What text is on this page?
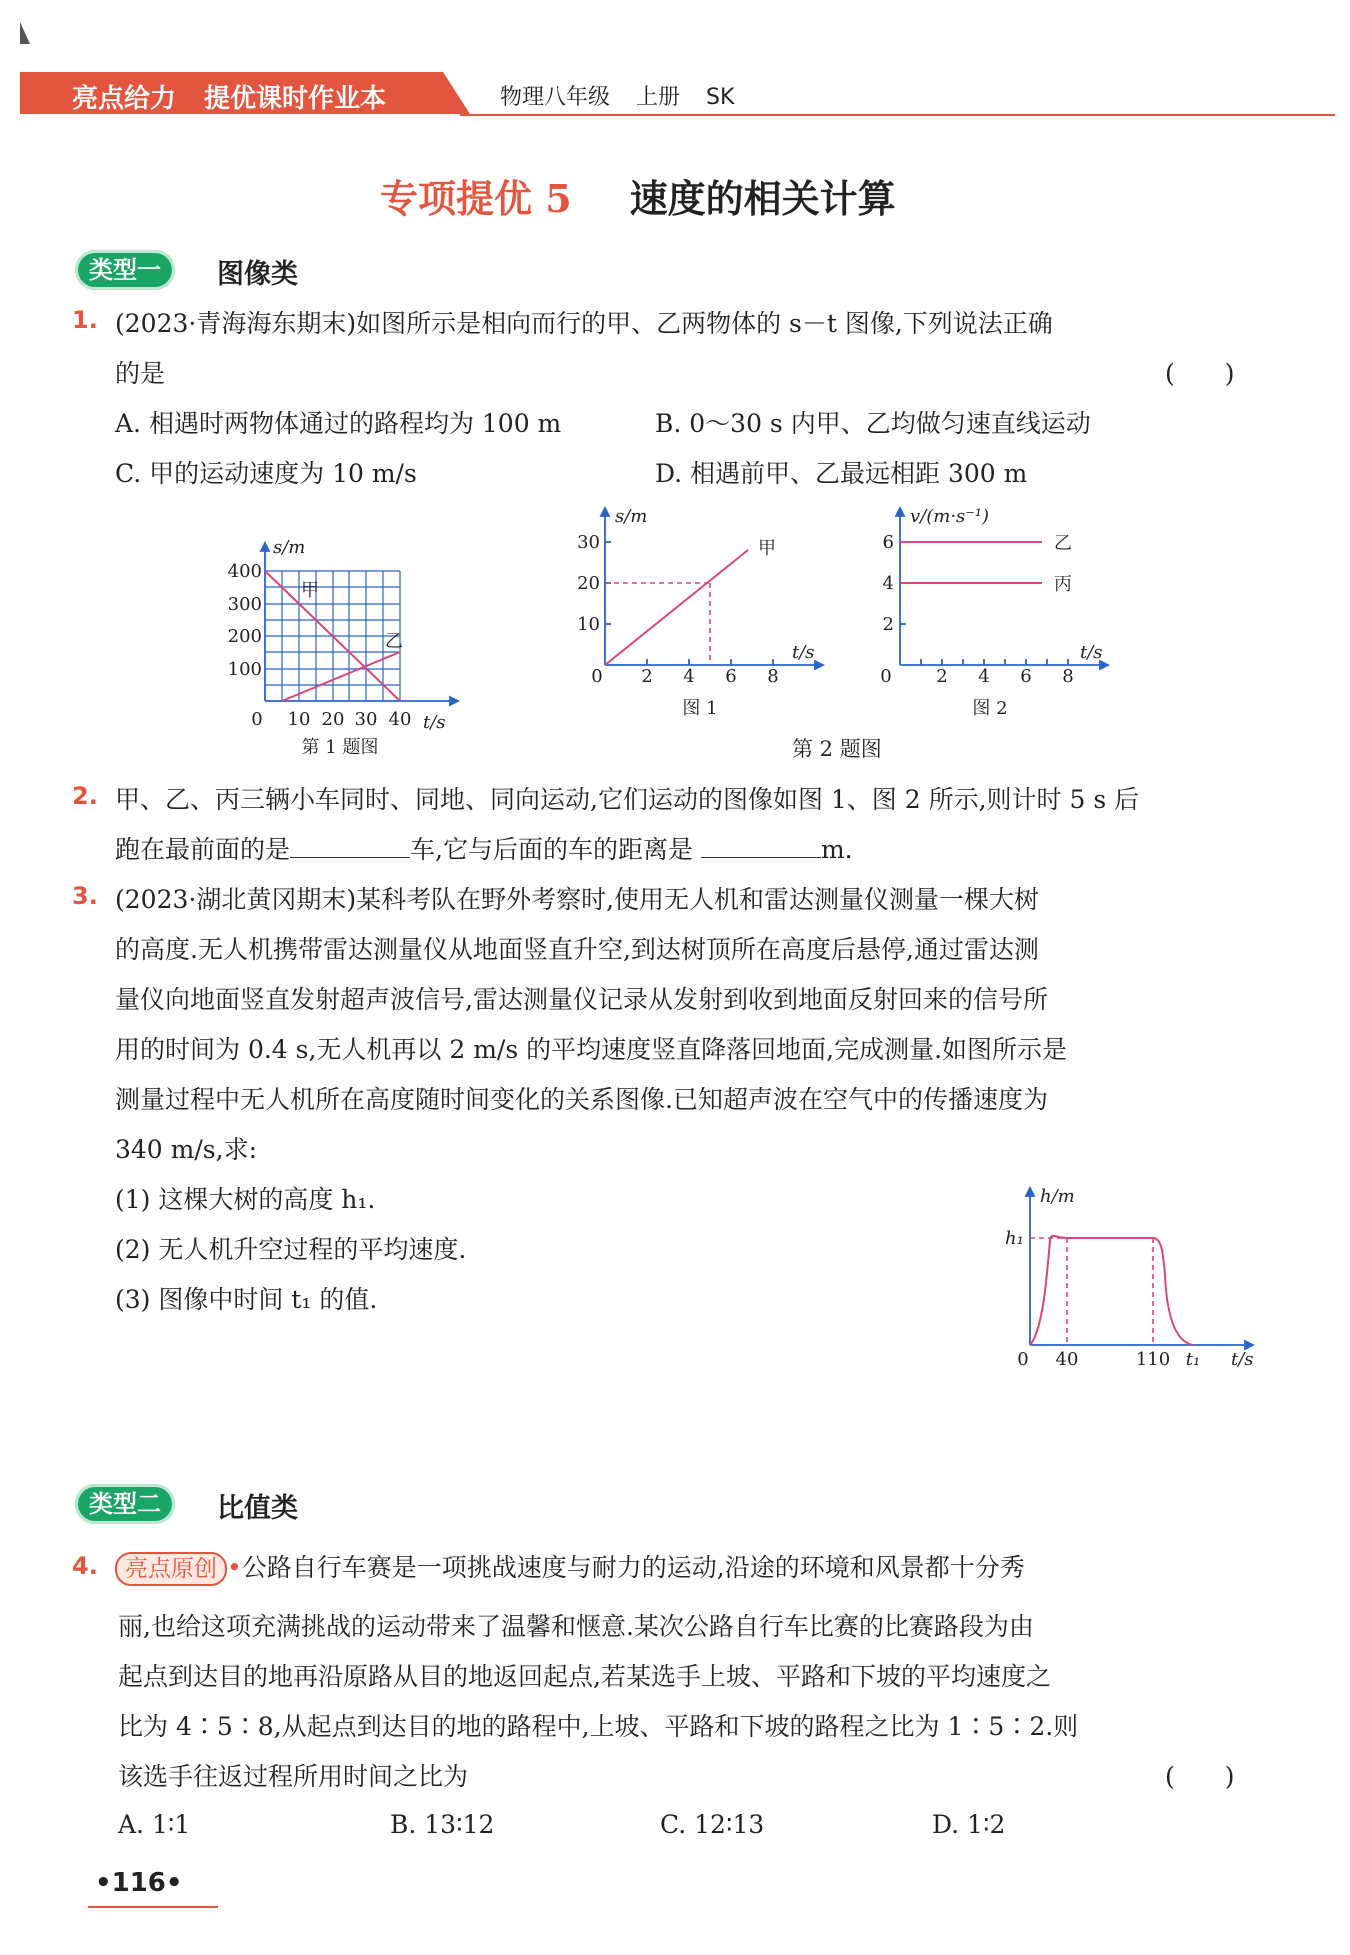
亮点给力 提优课时作业本	物理八年级 上册 SK
专项提优 5 速度的相关计算
类型一	图像类
1. (2023·青海海东期末)如图所示是相向而行的甲、乙两物体的 s－t 图像,下列说法正确
的是	(　　)
A. 相遇时两物体通过的路程均为 100 m	B. 0～30 s 内甲、乙均做匀速直线运动
C. 甲的运动速度为 10 m/s	D. 相遇前甲、乙最远相距 300 m
s/m
400
300
200
100
0 10 20 30 40 t/s
甲
乙
第 1 题图
s/m
30
20
10
0 2 4 6 8
t/s
甲
图 1
v/(m·s⁻¹)
6
4
2
0 2 4 6 8
t/s
乙
丙
图 2
第 2 题图
2. 甲、乙、丙三辆小车同时、同地、同向运动,它们运动的图像如图 1、图 2 所示,则计时 5 s 后
跑在最前面的是	车,它与后面的车的距离是	m.
3. (2023·湖北黄冈期末)某科考队在野外考察时,使用无人机和雷达测量仪测量一棵大树
的高度.无人机携带雷达测量仪从地面竖直升空,到达树顶所在高度后悬停,通过雷达测
量仪向地面竖直发射超声波信号,雷达测量仪记录从发射到收到地面反射回来的信号所
用的时间为 0.4 s,无人机再以 2 m/s 的平均速度竖直降落回地面,完成测量.如图所示是
测量过程中无人机所在高度随时间变化的关系图像.已知超声波在空气中的传播速度为
340 m/s,求:
(1) 这棵大树的高度 h₁.
(2) 无人机升空过程的平均速度.
(3) 图像中时间 t₁ 的值.
h/m
h₁
0 40	110 t₁ t/s
类型二	比值类
4.	亮点原创 •公路自行车赛是一项挑战速度与耐力的运动,沿途的环境和风景都十分秀
丽,也给这项充满挑战的运动带来了温馨和惬意.某次公路自行车比赛的比赛路段为由
起点到达目的地再沿原路从目的地返回起点,若某选手上坡、平路和下坡的平均速度之
比为 4∶5∶8,从起点到达目的地的路程中,上坡、平路和下坡的路程之比为 1∶5∶2.则
该选手往返过程所用时间之比为	(　　)
A. 1∶1	B. 13∶12	C. 12∶13	D. 1∶2
•116•
